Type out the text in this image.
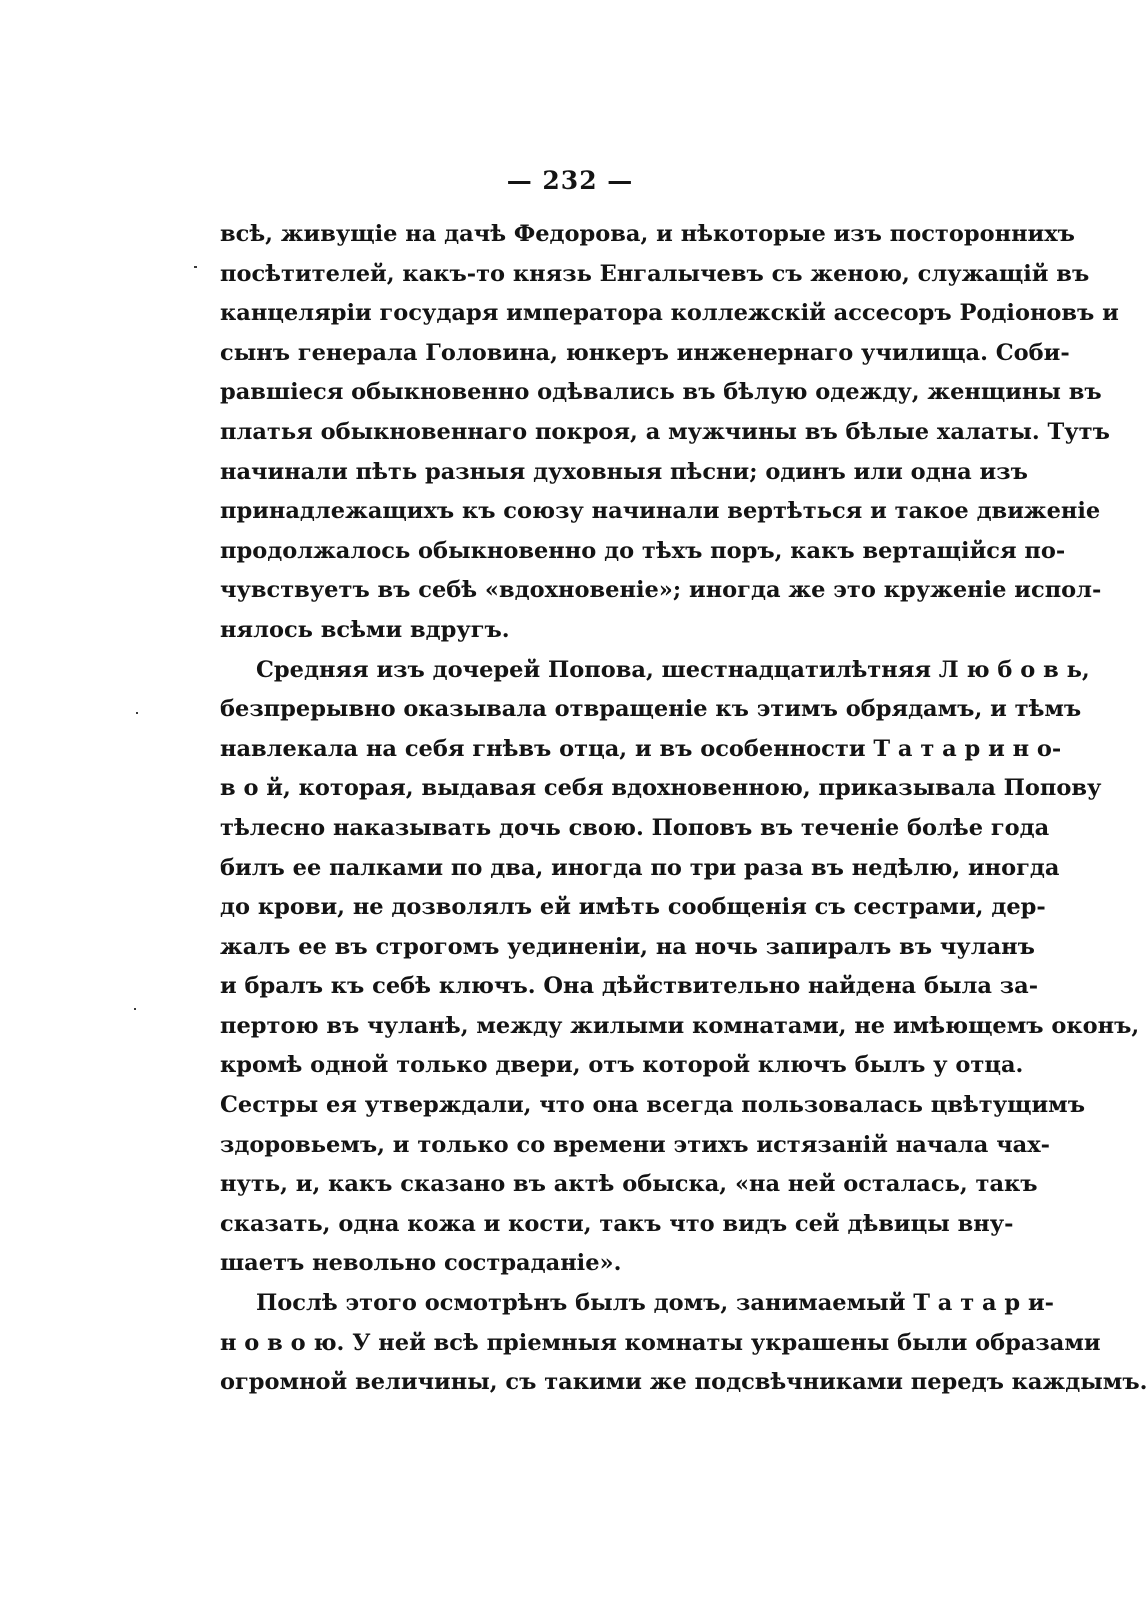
— 232 —
всѣ, живущіе на дачѣ Федорова, и нѣкоторые изъ постороннихъ
посѣтителей, какъ-то князь Енгалычевъ съ женою, служащій въ
канцеляріи государя императора коллежскій ассесоръ Родіоновъ и
сынъ генерала Головина, юнкеръ инженернаго училища. Соби-
равшіеся обыкновенно одѣвались въ бѣлую одежду, женщины въ
платья обыкновеннаго покроя, а мужчины въ бѣлые халаты. Тутъ
начинали пѣть разныя духовныя пѣсни; одинъ или одна изъ
принадлежащихъ къ союзу начинали вертѣться и такое движеніе
продолжалось обыкновенно до тѣхъ поръ, какъ вертащійся по-
чувствуетъ въ себѣ «вдохновеніе»; иногда же это круженіе испол-
нялось всѣми вдругъ.
Средняя изъ дочерей Попова, шестнадцатилѣтняя Л ю б о в ь,
безпрерывно оказывала отвращеніе къ этимъ обрядамъ, и тѣмъ
навлекала на себя гнѣвъ отца, и въ особенности Т а т а р и н о-
в о й, которая, выдавая себя вдохновенною, приказывала Попову
тѣлесно наказывать дочь свою. Поповъ въ теченіе болѣе года
билъ ее палками по два, иногда по три раза въ недѣлю, иногда
до крови, не дозволялъ ей имѣть сообщенія съ сестрами, дер-
жалъ ее въ строгомъ уединеніи, на ночь запиралъ въ чуланъ
и бралъ къ себѣ ключъ. Она дѣйствительно найдена была за-
пертою въ чуланѣ, между жилыми комнатами, не имѣющемъ оконъ,
кромѣ одной только двери, отъ которой ключъ былъ у отца.
Сестры ея утверждали, что она всегда пользовалась цвѣтущимъ
здоровьемъ, и только со времени этихъ истязаній начала чах-
нуть, и, какъ сказано въ актѣ обыска, «на ней осталась, такъ
сказать, одна кожа и кости, такъ что видъ сей дѣвицы вну-
шаетъ невольно состраданіе».
Послѣ этого осмотрѣнъ былъ домъ, занимаемый Т а т а р и-
н о в о ю. У ней всѣ пріемныя комнаты украшены были образами
огромной величины, съ такими же подсвѣчниками передъ каждымъ.
